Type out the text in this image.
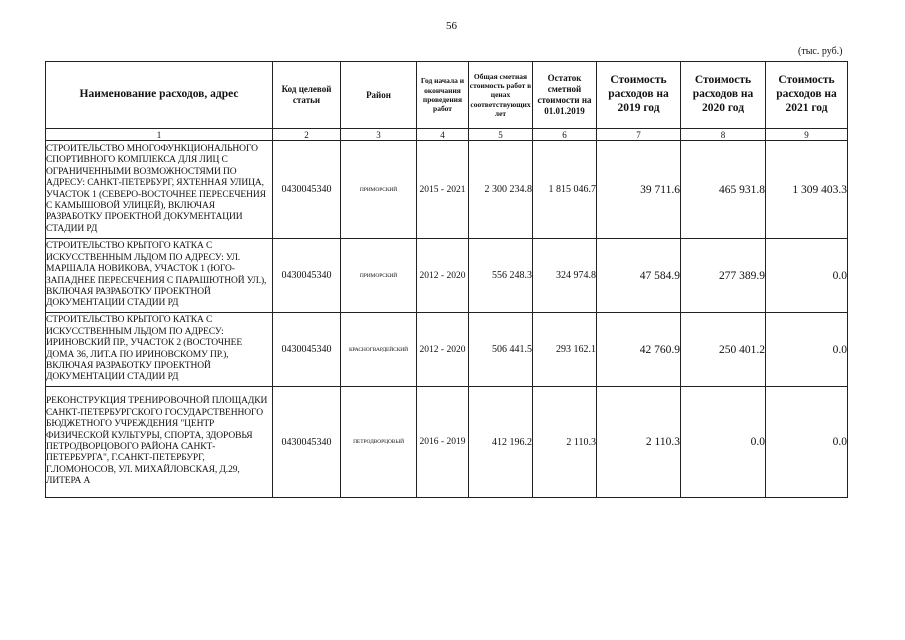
56
(тыс. руб.)
Наименование расходов, адрес	Код целевой статьи	Район	Год начала и окончания проведения работ	Общая сметная стоимость работ в ценах соответствующих лет	Остаток сметной стоимости на 01.01.2019	Стоимость расходов на 2019 год	Стоимость расходов на 2020 год	Стоимость расходов на 2021 год
1	2	3	4	5	6	7	8	9
СТРОИТЕЛЬСТВО МНОГОФУНКЦИОНАЛЬНОГО СПОРТИВНОГО КОМПЛЕКСА ДЛЯ ЛИЦ С ОГРАНИЧЕННЫМИ ВОЗМОЖНОСТЯМИ ПО АДРЕСУ: САНКТ-ПЕТЕРБУРГ, ЯХТЕННАЯ УЛИЦА, УЧАСТОК 1 (СЕВЕРО-ВОСТОЧНЕЕ ПЕРЕСЕЧЕНИЯ С КАМЫШОВОЙ УЛИЦЕЙ), ВКЛЮЧАЯ РАЗРАБОТКУ ПРОЕКТНОЙ ДОКУМЕНТАЦИИ СТАДИИ РД	0430045340	ПРИМОРСКИЙ	2015 - 2021	2 300 234.8	1 815 046.7	39 711.6	465 931.8	1 309 403.3
СТРОИТЕЛЬСТВО КРЫТОГО КАТКА С ИСКУССТВЕННЫМ ЛЬДОМ ПО АДРЕСУ: УЛ. МАРШАЛА НОВИКОВА, УЧАСТОК 1 (ЮГО-ЗАПАДНЕЕ ПЕРЕСЕЧЕНИЯ С ПАРАШЮТНОЙ УЛ.), ВКЛЮЧАЯ РАЗРАБОТКУ ПРОЕКТНОЙ ДОКУМЕНТАЦИИ СТАДИИ РД	0430045340	ПРИМОРСКИЙ	2012 - 2020	556 248.3	324 974.8	47 584.9	277 389.9	0.0
СТРОИТЕЛЬСТВО КРЫТОГО КАТКА С ИСКУССТВЕННЫМ ЛЬДОМ ПО АДРЕСУ: ИРИНОВСКИЙ ПР., УЧАСТОК 2 (ВОСТОЧНЕЕ ДОМА 36, ЛИТ.А ПО ИРИНОВСКОМУ ПР.), ВКЛЮЧАЯ РАЗРАБОТКУ ПРОЕКТНОЙ ДОКУМЕНТАЦИИ СТАДИИ РД	0430045340	КРАСНОГВАРДЕЙСКИЙ	2012 - 2020	506 441.5	293 162.1	42 760.9	250 401.2	0.0
РЕКОНСТРУКЦИЯ ТРЕНИРОВОЧНОЙ ПЛОЩАДКИ САНКТ-ПЕТЕРБУРГСКОГО ГОСУДАРСТВЕННОГО БЮДЖЕТНОГО УЧРЕЖДЕНИЯ "ЦЕНТР ФИЗИЧЕСКОЙ КУЛЬТУРЫ, СПОРТА, ЗДОРОВЬЯ ПЕТРОДВОРЦОВОГО РАЙОНА САНКТ-ПЕТЕРБУРГА", Г.САНКТ-ПЕТЕРБУРГ, Г.ЛОМОНОСОВ, УЛ. МИХАЙЛОВСКАЯ, Д.29, ЛИТЕРА А	0430045340	ПЕТРОДВОРЦОВЫЙ	2016 - 2019	412 196.2	2 110.3	2 110.3	0.0	0.0
